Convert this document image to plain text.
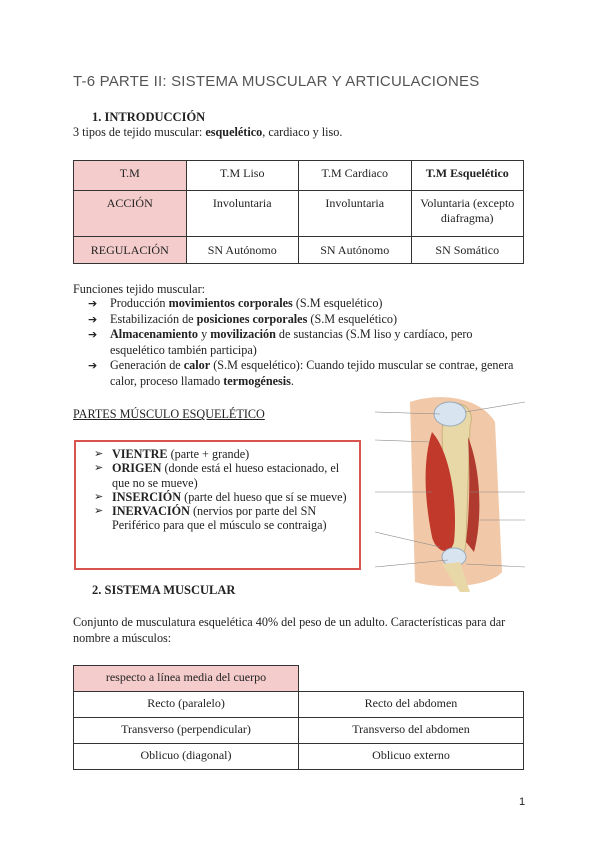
T-6 PARTE II: SISTEMA MUSCULAR Y ARTICULACIONES
1. INTRODUCCIÓN
3 tipos de tejido muscular: esquelético, cardiaco y liso.
T.M	T.M Liso	T.M Cardiaco	T.M Esquelético
ACCIÓN	Involuntaria	Involuntaria	Voluntaria (excepto diafragma)
REGULACIÓN	SN Autónomo	SN Autónomo	SN Somático
Funciones tejido muscular:
➔ Producción movimientos corporales (S.M esquelético)
➔ Estabilización de posiciones corporales (S.M esquelético)
➔ Almacenamiento y movilización de sustancias (S.M liso y cardíaco, pero esquelético también participa)
➔ Generación de calor (S.M esquelético): Cuando tejido muscular se contrae, genera calor, proceso llamado termogénesis.
PARTES MÚSCULO ESQUELÉTICO
➢ VIENTRE (parte + grande)
➢ ORIGEN (donde está el hueso estacionado, el que no se mueve)
➢ INSERCIÓN (parte del hueso que sí se mueve)
➢ INERVACIÓN (nervios por parte del SN Periférico para que el músculo se contraiga)
2. SISTEMA MUSCULAR
Conjunto de musculatura esquelética 40% del peso de un adulto. Características para dar nombre a músculos:
respecto a línea media del cuerpo	
Recto (paralelo)	Recto del abdomen
Transverso (perpendicular)	Transverso del abdomen
Oblicuo (diagonal)	Oblicuo externo
1
